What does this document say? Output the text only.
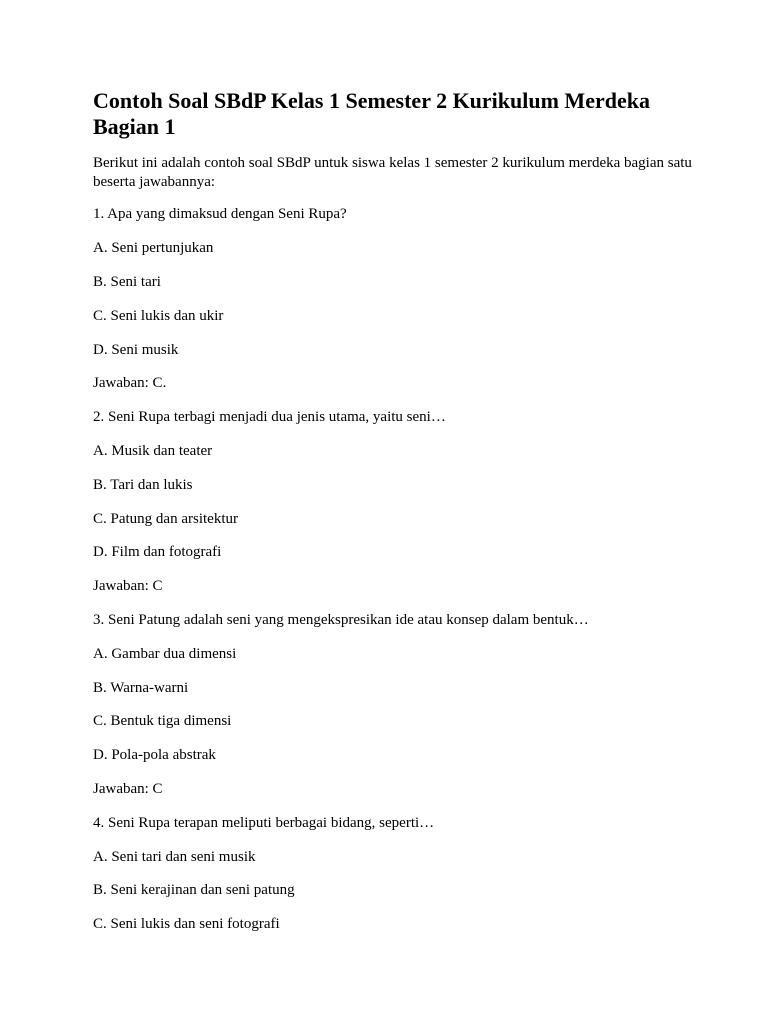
Contoh Soal SBdP Kelas 1 Semester 2 Kurikulum Merdeka Bagian 1

Berikut ini adalah contoh soal SBdP untuk siswa kelas 1 semester 2 kurikulum merdeka bagian satu beserta jawabannya:

1. Apa yang dimaksud dengan Seni Rupa?

A. Seni pertunjukan

B. Seni tari

C. Seni lukis dan ukir

D. Seni musik

Jawaban: C.

2. Seni Rupa terbagi menjadi dua jenis utama, yaitu seni…

A. Musik dan teater

B. Tari dan lukis

C. Patung dan arsitektur

D. Film dan fotografi

Jawaban: C

3. Seni Patung adalah seni yang mengekspresikan ide atau konsep dalam bentuk…

A. Gambar dua dimensi

B. Warna-warni

C. Bentuk tiga dimensi

D. Pola-pola abstrak

Jawaban: C

4. Seni Rupa terapan meliputi berbagai bidang, seperti…

A. Seni tari dan seni musik

B. Seni kerajinan dan seni patung

C. Seni lukis dan seni fotografi
